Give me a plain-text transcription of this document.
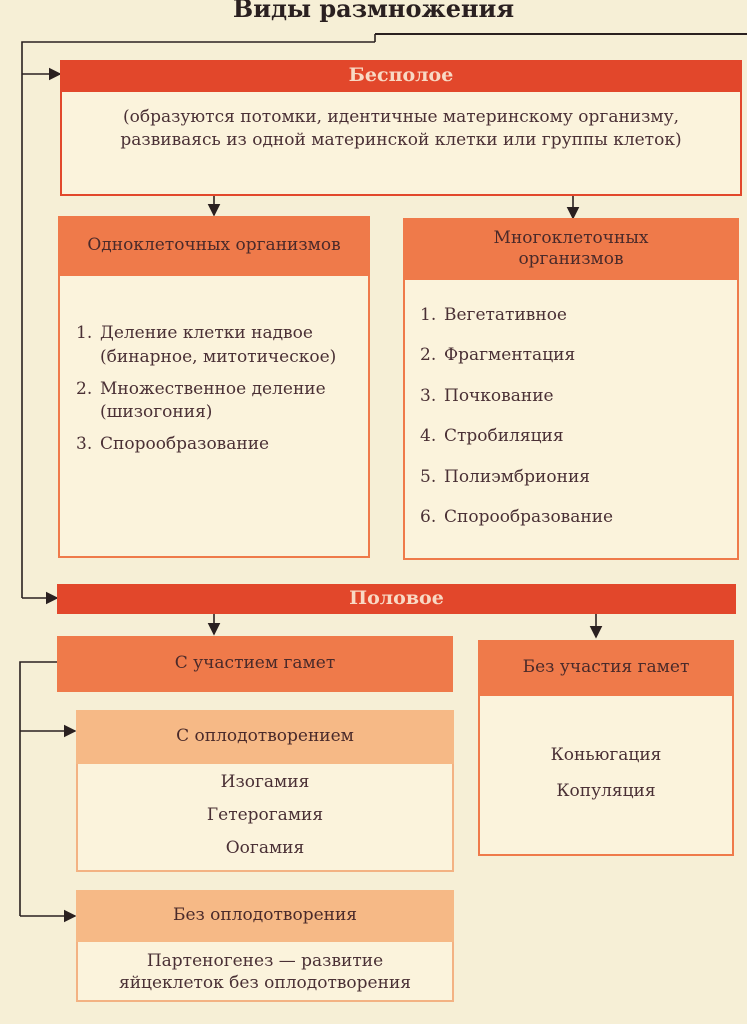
Виды размножения
Бесполое
(образуются потомки, идентичные материнскому организму, развиваясь из одной материнской клетки или группы клеток)
Одноклеточных организмов
1. Деление клетки надвое (бинарное, митотическое)
2. Множественное деление (шизогония)
3. Спорообразование
Многоклеточных организмов
1. Вегетативное
2. Фрагментация
3. Почкование
4. Стробиляция
5. Полиэмбриония
6. Спорообразование
Половое
С участием гамет
С оплодотворением
Изогамия
Гетерогамия
Оогамия
Без оплодотворения
Партеногенез — развитие яйцеклеток без оплодотворения
Без участия гамет
Коньюгация
Копуляция
